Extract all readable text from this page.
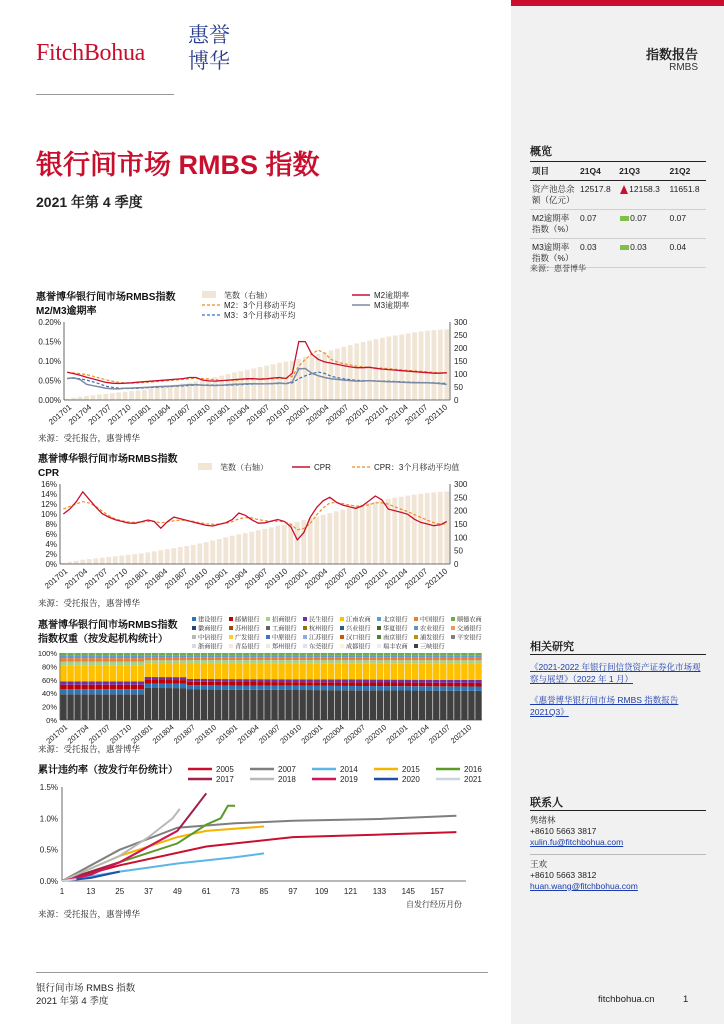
FitchBohua
惠誉
博华	指数报告
RMBS
银行间市场 RMBS 指数
2021 年第 4 季度
惠誉博华银行间市场RMBS指数
M2/M3逾期率
0.00%
0.05%
0.10%
0.15%
0.20%
0
50
100
150
200
250
300
201701
201704
201707
201710
201801
201804
201807
201810
201901
201904
201907
201910
202001
202004
202007
202010
202101
202104
202107
202110
笔数（右轴）	M2逾期率
M2：3个月移动平均	M3逾期率
M3：3个月移动平均
来源：受托报告，惠誉博华
惠誉博华银行间市场RMBS指数
CPR
0%
2%
4%
6%
8%
10%
12%
14%
16%
0
50
100
150
200
250
300
201701
201704
201707
201710
201801
201804
201807
201810
201901
201904
201907
201910
202001
202004
202007
202010
202101
202104
202107
202110
笔数（右轴）	CPR	CPR：3个月移动平均值
来源：受托报告，惠誉博华
惠誉博华银行间市场RMBS指数
指数权重（按发起机构统计）
建设银行 邮储银行 招商银行 民生银行 江南农商 北京银行 中国银行 顺德农商
徽商银行 苏州银行 工商银行 杭州银行 兴业银行 华夏银行 农业银行 交通银行
中信银行 广发银行 中原银行 江苏银行 汉口银行 南京银行 浦发银行 平安银行
浙商银行 青岛银行 郑州银行 东莞银行 成都银行 瑞丰农商 三峡银行
0%
20%
40%
60%
80%
100%
201701
201704
201707
201710
201801
201804
201807
201810
201901
201904
201907
201910
202001
202004
202007
202010
202101
202104
202107
202110
来源：受托报告，惠誉博华
累计违约率（按发行年份统计）
0.0%
0.5%
1.0%
1.5%
1	13 25 37 49 61 73 85 97 109 121 133 145 157
自发行经历月份
2005	2007	2014	2015	2016
2017	2018	2019	2020	2021
来源：受托报告，惠誉博华
概览
项目	21Q4	21Q3	21Q2
资产池总余额（亿元）	12517.8	12158.3	11651.8
M2逾期率指数（%）	0.07	0.07	0.07
M3逾期率指数（%）	0.03	0.03	0.04
来源：惠誉博华
相关研究
《2021-2022 年银行间信贷资产证券化市场观察与展望》（2022 年 1 月）
《惠誉博华银行间市场 RMBS 指数报告2021Q3》
联系人
隽绪林
+8610 5663 3817
xulin.fu@fitchbohua.com
王欢
+8610 5663 3812
huan.wang@fitchbohua.com
银行间市场 RMBS 指数
2021 年第 4 季度	fitchbohua.cn	1
